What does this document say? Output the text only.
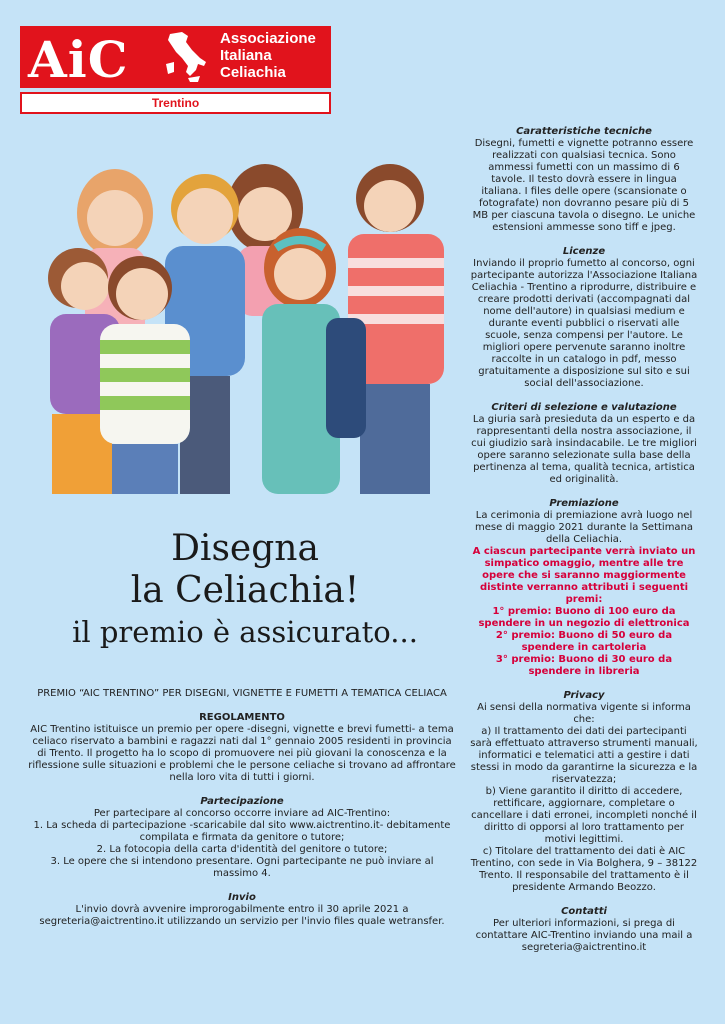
AiC	Associazione
Italiana
Celiachia
Trentino
Disegna
la Celiachia!
il premio è assicurato...

PREMIO “AIC TRENTINO” PER DISEGNI, VIGNETTE E FUMETTI A TEMATICA CELIACA

REGOLAMENTO

AIC Trentino istituisce un premio per opere -disegni, vignette e brevi fumetti- a tema celiaco riservato a bambini e ragazzi nati dal 1° gennaio 2005 residenti in provincia di Trento. Il progetto ha lo scopo di promuovere nei più giovani la conoscenza e la riflessione sulle situazioni e problemi che le persone celiache si trovano ad affrontare nella loro vita di tutti i giorni.

Partecipazione

Per partecipare al concorso occorre inviare ad AIC-Trentino:

1. La scheda di partecipazione -scaricabile dal sito www.aictrentino.it- debitamente compilata e firmata da genitore o tutore;

2. La fotocopia della carta d'identità del genitore o tutore;

3. Le opere che si intendono presentare. Ogni partecipante ne può inviare al massimo 4.

Invio

L'invio dovrà avvenire improrogabilmente entro il 30 aprile 2021 a segreteria@aictrentino.it utilizzando un servizio per l'invio files quale wetransfer.

Caratteristiche tecniche

Disegni, fumetti e vignette potranno essere realizzati con qualsiasi tecnica. Sono ammessi fumetti con un massimo di 6 tavole. Il testo dovrà essere in lingua italiana. I files delle opere (scansionate o fotografate) non dovranno pesare più di 5 MB per ciascuna tavola o disegno. Le uniche estensioni ammesse sono tiff e jpeg.

Licenze

Inviando il proprio fumetto al concorso, ogni partecipante autorizza l'Associazione Italiana Celiachia - Trentino a riprodurre, distribuire e creare prodotti derivati (accompagnati dal nome dell'autore) in qualsiasi medium e durante eventi pubblici o riservati alle scuole, senza compensi per l'autore. Le migliori opere pervenute saranno inoltre raccolte in un catalogo in pdf, messo gratuitamente a disposizione sul sito e sui social dell'associazione.

Criteri di selezione e valutazione

La giuria sarà presieduta da un esperto e da rappresentanti della nostra associazione, il cui giudizio sarà insindacabile. Le tre migliori opere saranno selezionate sulla base della pertinenza al tema, qualità tecnica, artistica ed originalità.

Premiazione

La cerimonia di premiazione avrà luogo nel mese di maggio 2021 durante la Settimana della Celiachia.

A ciascun partecipante verrà inviato un simpatico omaggio, mentre alle tre opere che si saranno maggiormente distinte verranno attributi i seguenti premi:

1° premio: Buono di 100 euro da spendere in un negozio di elettronica

2° premio: Buono di 50 euro da spendere in cartoleria

3° premio: Buono di 30 euro da spendere in libreria

Privacy

Ai sensi della normativa vigente si informa che:

a) Il trattamento dei dati dei partecipanti sarà effettuato attraverso strumenti manuali, informatici e telematici atti a gestire i dati stessi in modo da garantirne la sicurezza e la riservatezza;

b) Viene garantito il diritto di accedere, rettificare, aggiornare, completare o cancellare i dati erronei, incompleti nonché il diritto di opporsi al loro trattamento per motivi legittimi.

c) Titolare del trattamento dei dati è AIC Trentino, con sede in Via Bolghera, 9 – 38122 Trento. Il responsabile del trattamento è il presidente Armando Beozzo.

Contatti

Per ulteriori informazioni, si prega di contattare AIC-Trentino inviando una mail a segreteria@aictrentino.it
